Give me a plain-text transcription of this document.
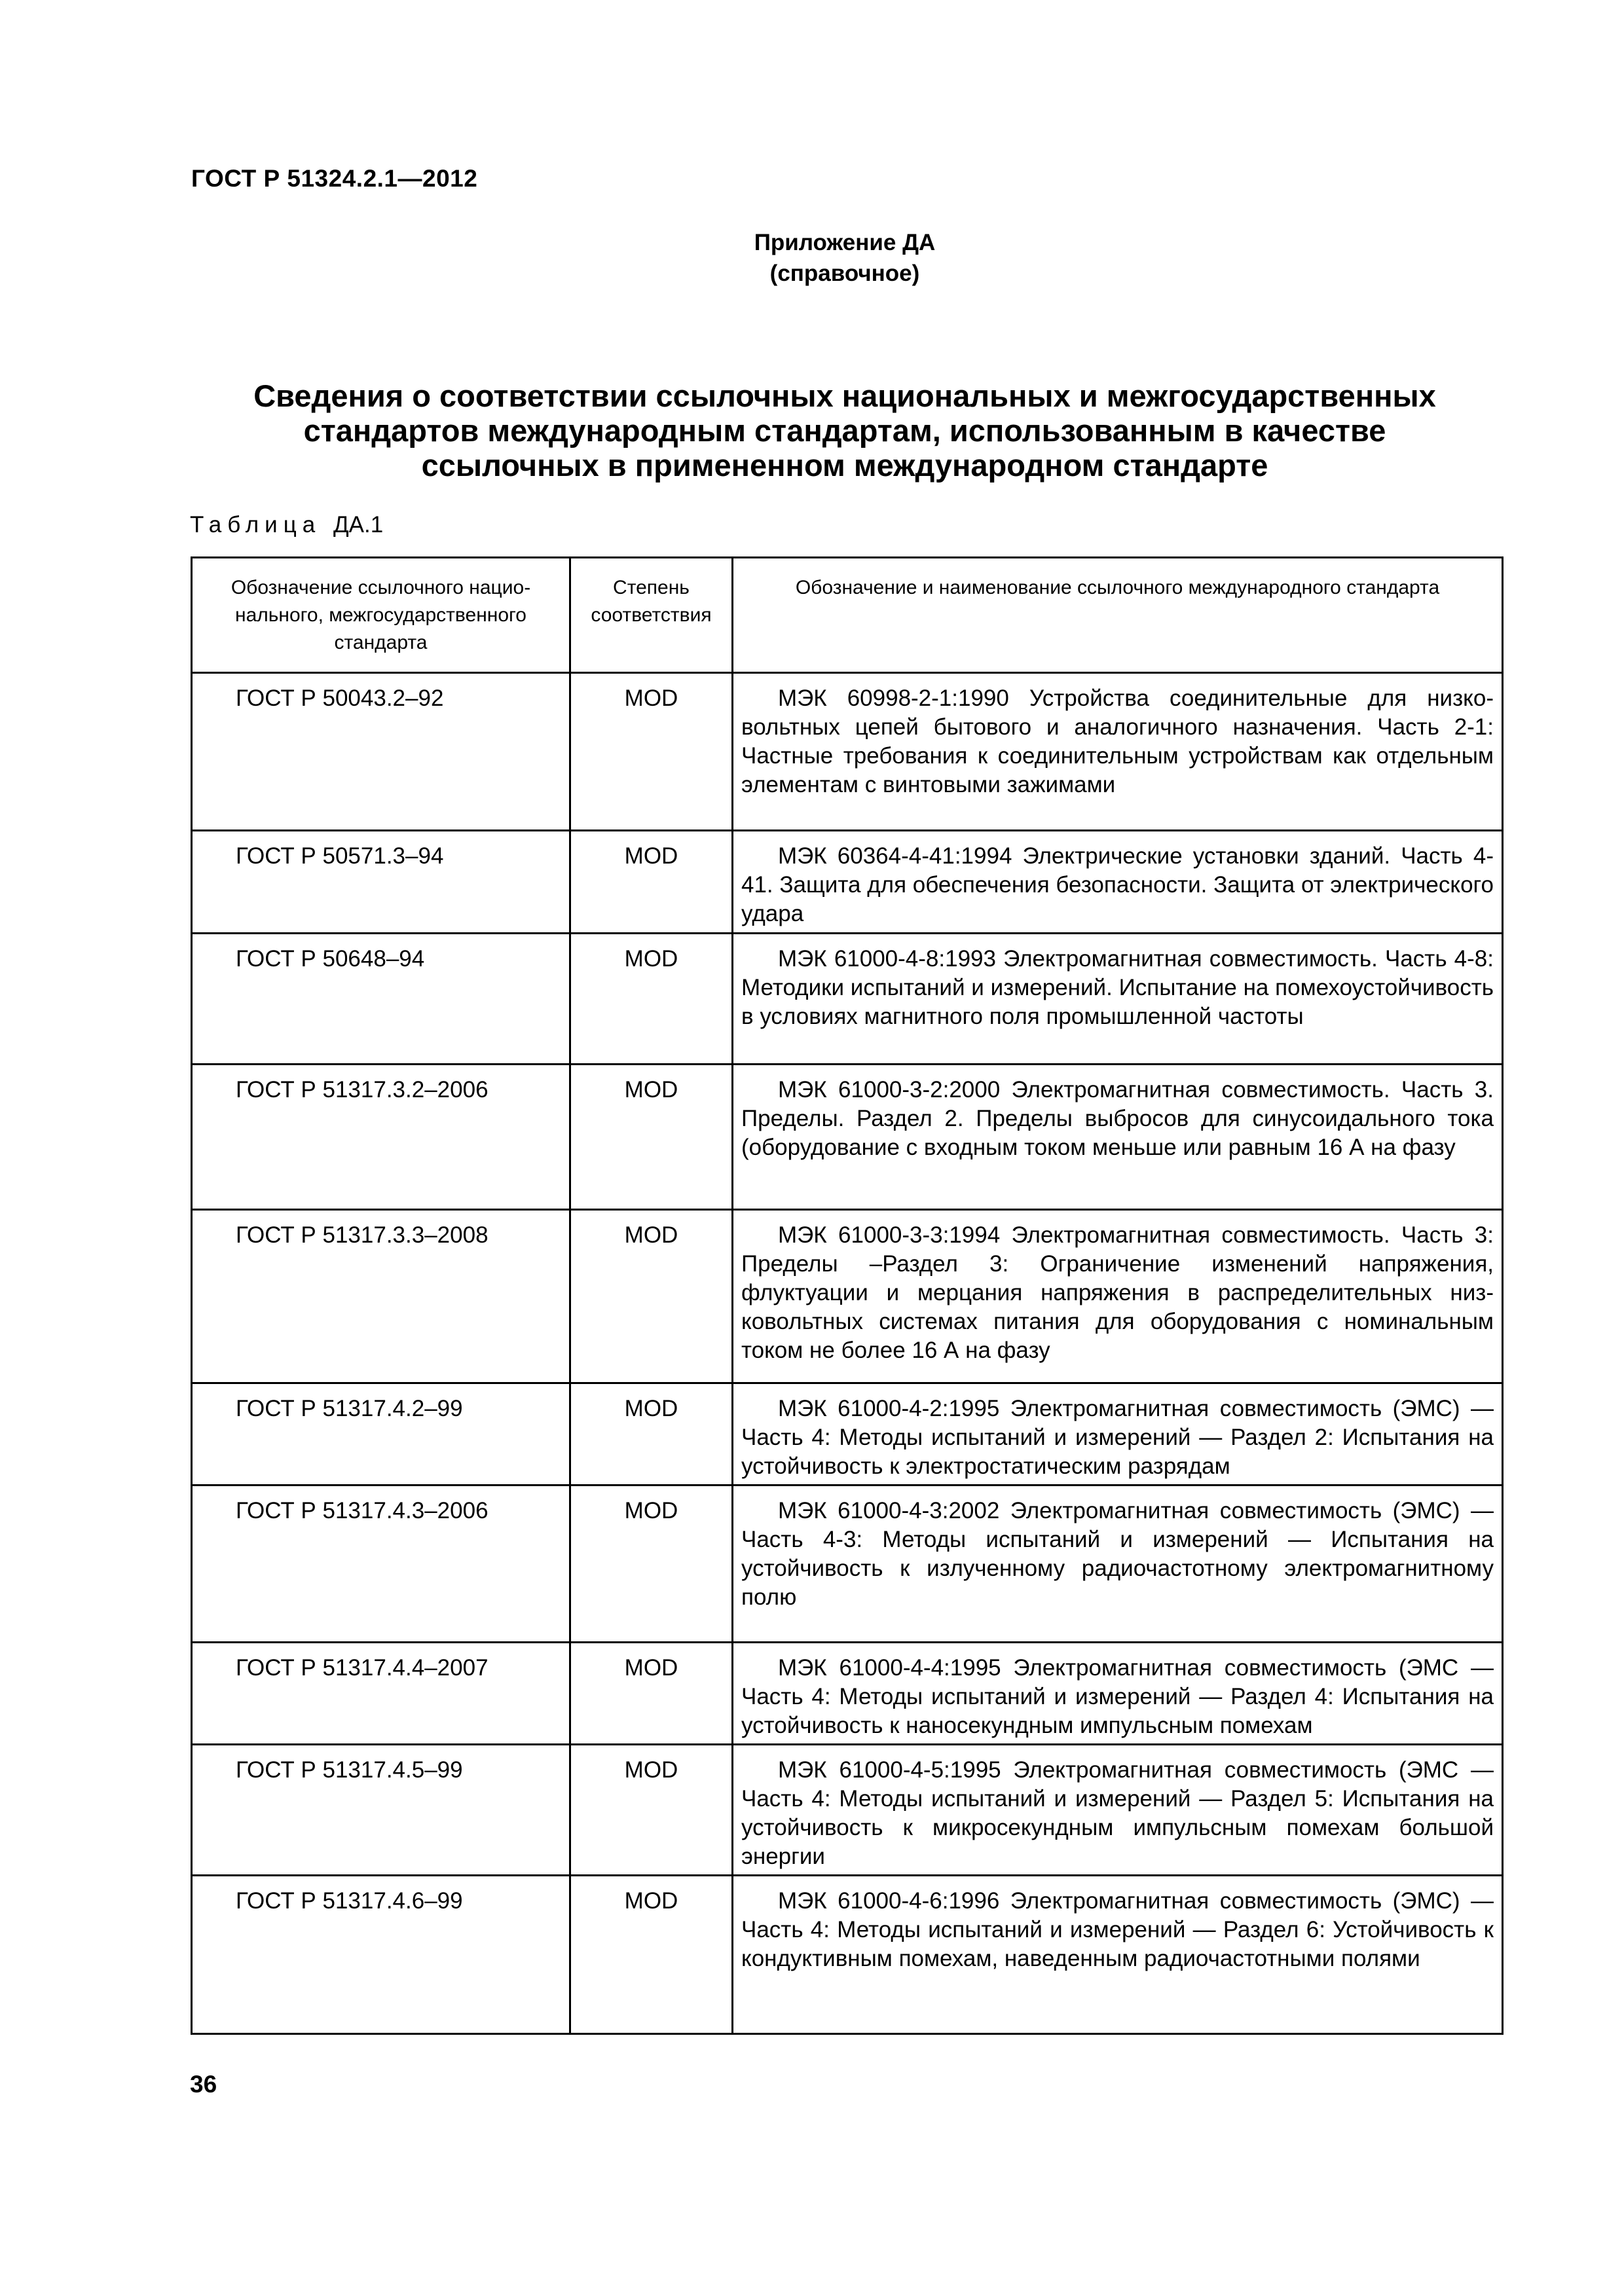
ГОСТ Р 51324.2.1—2012
Приложение ДА
(справочное)
Сведения о соответствии ссылочных национальных и межгосударственных
стандартов международным стандартам, использованным в качестве
ссылочных в примененном международном стандарте
Таблица ДА.1
Обозначение ссылочного национального, межгосударственного стандарта	Степень соответствия	Обозначение и наименование ссылочного международного стандарта
ГОСТ Р 50043.2–92	MOD	МЭК 60998-2-1:1990 Устройства соединительные для низковольтных цепей бытового и аналогичного назначения. Часть 2-1: Частные требования к соединительным устройствам как отдельным элементам с винтовыми зажимами
ГОСТ Р 50571.3–94	MOD	МЭК 60364-4-41:1994 Электрические установки зданий. Часть 4-41. Защита для обеспечения безопасности. Защита от электрического удара
ГОСТ Р 50648–94	MOD	МЭК 61000-4-8:1993 Электромагнитная совместимость. Часть 4-8: Методики испытаний и измерений. Испытание на помехоустойчивость в условиях магнитного поля промышленной частоты
ГОСТ Р 51317.3.2–2006	MOD	МЭК 61000-3-2:2000 Электромагнитная совместимость. Часть 3. Пределы. Раздел 2. Пределы выбросов для синусоидального тока (оборудование с входным током меньше или равным 16 А на фазу
ГОСТ Р 51317.3.3–2008	MOD	МЭК 61000-3-3:1994 Электромагнитная совместимость. Часть 3: Пределы –Раздел 3: Ограничение изменений напряжения, флуктуации и мерцания напряжения в распределительных низковольтных системах питания для оборудования с номинальным током не более 16 А на фазу
ГОСТ Р 51317.4.2–99	MOD	МЭК 61000-4-2:1995 Электромагнитная совместимость (ЭМС) — Часть 4: Методы испытаний и измерений — Раздел 2: Испытания на устойчивость к электростатическим разрядам
ГОСТ Р 51317.4.3–2006	MOD	МЭК 61000-4-3:2002 Электромагнитная совместимость (ЭМС) — Часть 4-3: Методы испытаний и измерений — Испытания на устойчивость к излученному радиочастотному электромагнитному полю
ГОСТ Р 51317.4.4–2007	MOD	МЭК 61000-4-4:1995 Электромагнитная совместимость (ЭМС — Часть 4: Методы испытаний и измерений — Раздел 4: Испытания на устойчивость к наносекундным импульсным помехам
ГОСТ Р 51317.4.5–99	MOD	МЭК 61000-4-5:1995 Электромагнитная совместимость (ЭМС — Часть 4: Методы испытаний и измерений — Раздел 5: Испытания на устойчивость к микросекундным импульсным помехам большой энергии
ГОСТ Р 51317.4.6–99	MOD	МЭК 61000-4-6:1996 Электромагнитная совместимость (ЭМС) — Часть 4: Методы испытаний и измерений — Раздел 6: Устойчивость к кондуктивным помехам, наведенным радиочастотными полями
36
